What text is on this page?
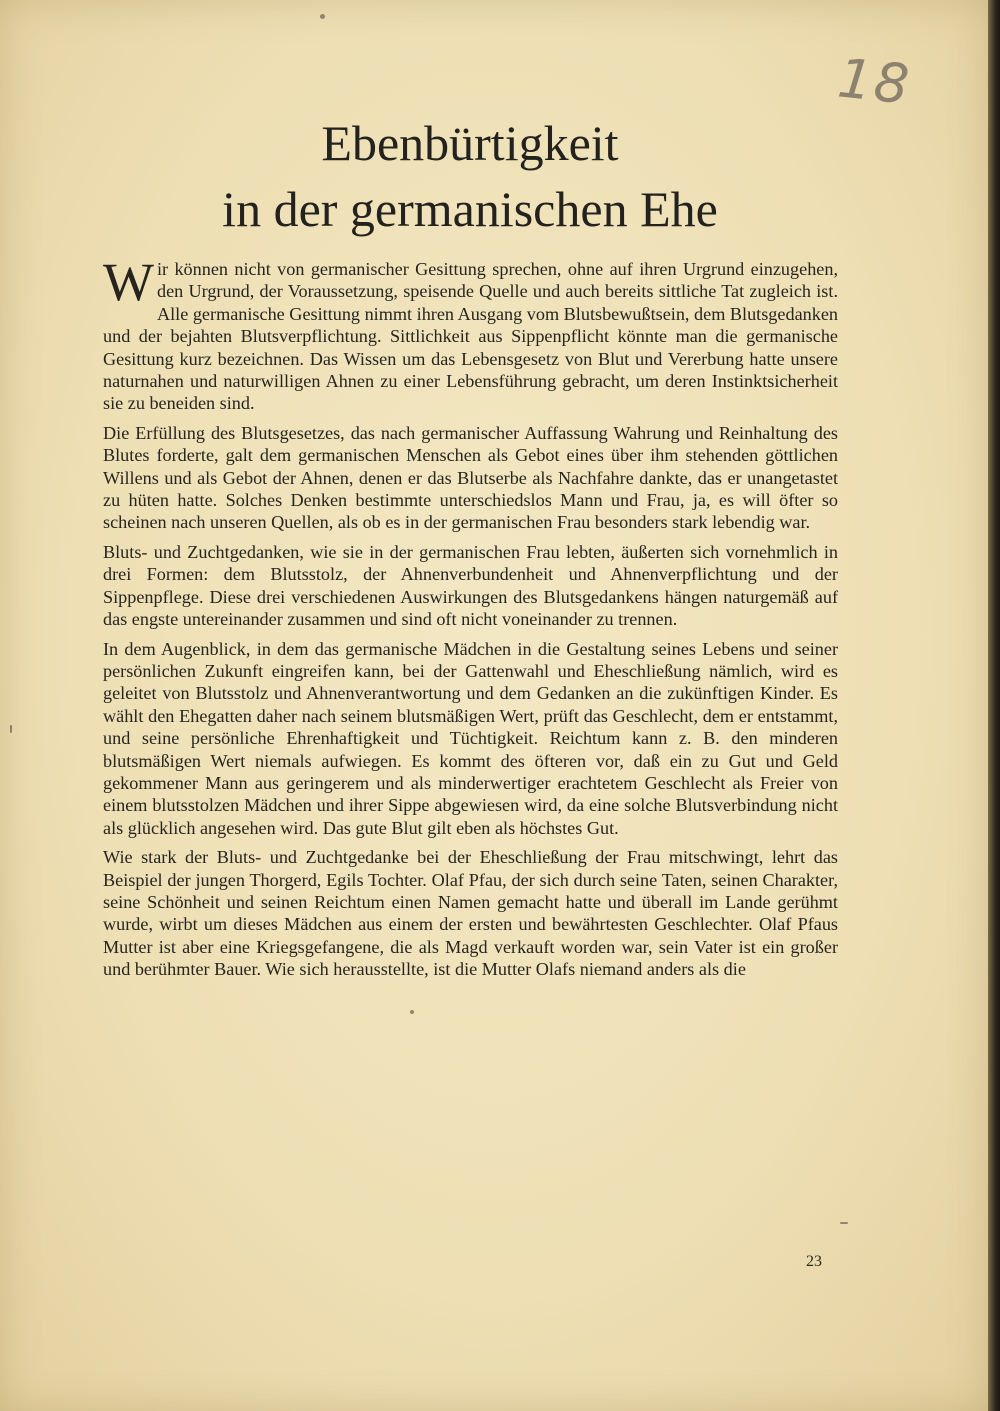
18
Ebenbürtigkeit
in der germanischen Ehe

Wir können nicht von germanischer Gesittung sprechen, ohne auf ihren Urgrund einzugehen, den Urgrund, der Voraussetzung, speisende Quelle und auch bereits sittliche Tat zugleich ist. Alle germanische Gesittung nimmt ihren Ausgang vom Blutsbewußtsein, dem Blutsgedanken und der bejahten Blutsverpflichtung. Sittlichkeit aus Sippenpflicht könnte man die germanische Gesittung kurz bezeichnen. Das Wissen um das Lebensgesetz von Blut und Vererbung hatte unsere naturnahen und naturwilligen Ahnen zu einer Lebensführung gebracht, um deren Instinktsicherheit sie zu beneiden sind.

Die Erfüllung des Blutsgesetzes, das nach germanischer Auffassung Wahrung und Reinhaltung des Blutes forderte, galt dem germanischen Menschen als Gebot eines über ihm stehenden göttlichen Willens und als Gebot der Ahnen, denen er das Blutserbe als Nachfahre dankte, das er unangetastet zu hüten hatte. Solches Denken bestimmte unterschiedslos Mann und Frau, ja, es will öfter so scheinen nach unseren Quellen, als ob es in der germanischen Frau besonders stark lebendig war.

Bluts- und Zuchtgedanken, wie sie in der germanischen Frau lebten, äußerten sich vornehmlich in drei Formen: dem Blutsstolz, der Ahnenverbundenheit und Ahnenverpflichtung und der Sippenpflege. Diese drei verschiedenen Auswirkungen des Blutsgedankens hängen naturgemäß auf das engste untereinander zusammen und sind oft nicht voneinander zu trennen.

In dem Augenblick, in dem das germanische Mädchen in die Gestaltung seines Lebens und seiner persönlichen Zukunft eingreifen kann, bei der Gattenwahl und Eheschließung nämlich, wird es geleitet von Blutsstolz und Ahnenverantwortung und dem Gedanken an die zukünftigen Kinder. Es wählt den Ehegatten daher nach seinem blutsmäßigen Wert, prüft das Geschlecht, dem er entstammt, und seine persönliche Ehrenhaftigkeit und Tüchtigkeit. Reichtum kann z. B. den minderen blutsmäßigen Wert niemals aufwiegen. Es kommt des öfteren vor, daß ein zu Gut und Geld gekommener Mann aus geringerem und als minderwertiger erachtetem Geschlecht als Freier von einem blutsstolzen Mädchen und ihrer Sippe abgewiesen wird, da eine solche Blutsverbindung nicht als glücklich angesehen wird. Das gute Blut gilt eben als höchstes Gut.

Wie stark der Bluts- und Zuchtgedanke bei der Eheschließung der Frau mitschwingt, lehrt das Beispiel der jungen Thorgerd, Egils Tochter. Olaf Pfau, der sich durch seine Taten, seinen Charakter, seine Schönheit und seinen Reichtum einen Namen gemacht hatte und überall im Lande gerühmt wurde, wirbt um dieses Mädchen aus einem der ersten und bewährtesten Geschlechter. Olaf Pfaus Mutter ist aber eine Kriegsgefangene, die als Magd verkauft worden war, sein Vater ist ein großer und berühmter Bauer. Wie sich herausstellte, ist die Mutter Olafs niemand anders als die

23
